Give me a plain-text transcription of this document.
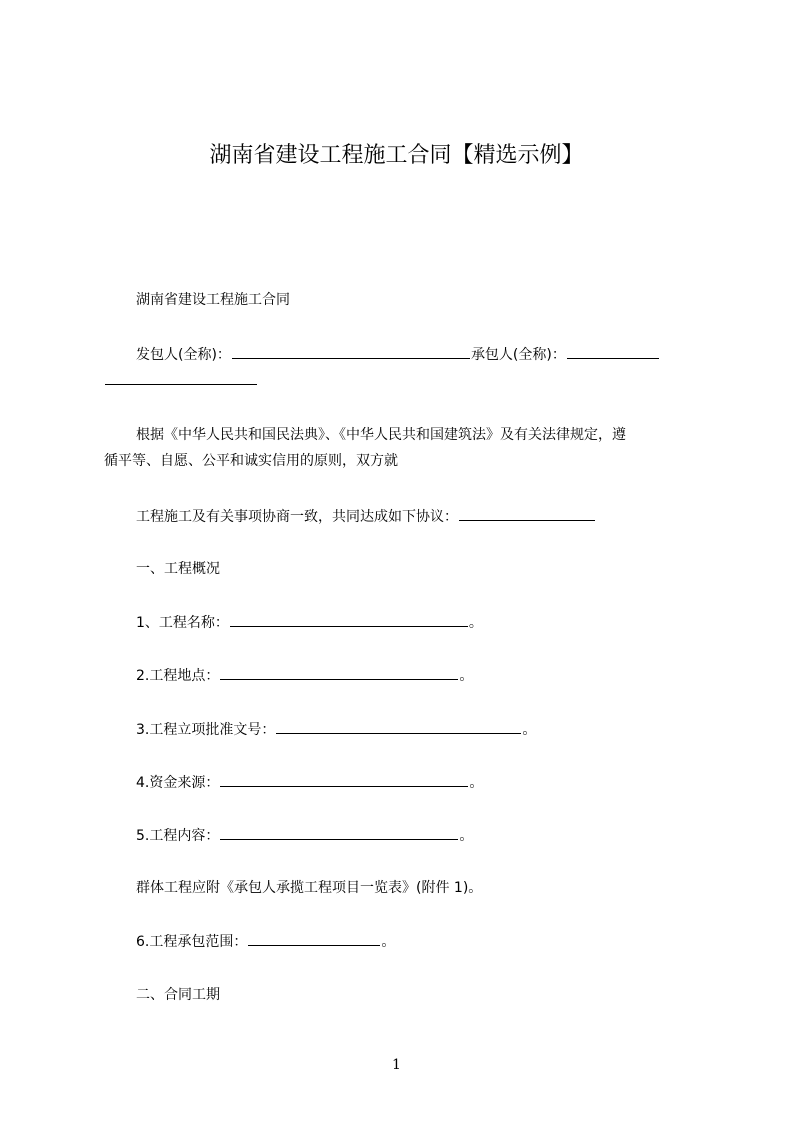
湖南省建设工程施工合同【精选示例】
湖南省建设工程施工合同
发包人(全称)：	承包人(全称)：
根据《中华人民共和国民法典》、《中华人民共和国建筑法》及有关法律规定，遵
循平等、自愿、公平和诚实信用的原则，双方就
工程施工及有关事项协商一致，共同达成如下协议：
一、工程概况
1、工程名称：	。
2.工程地点：	。
3.工程立项批准文号：	。
4.资金来源：	。
5.工程内容：	。
群体工程应附《承包人承揽工程项目一览表》(附件 1)。
6.工程承包范围：	。
二、合同工期
1
